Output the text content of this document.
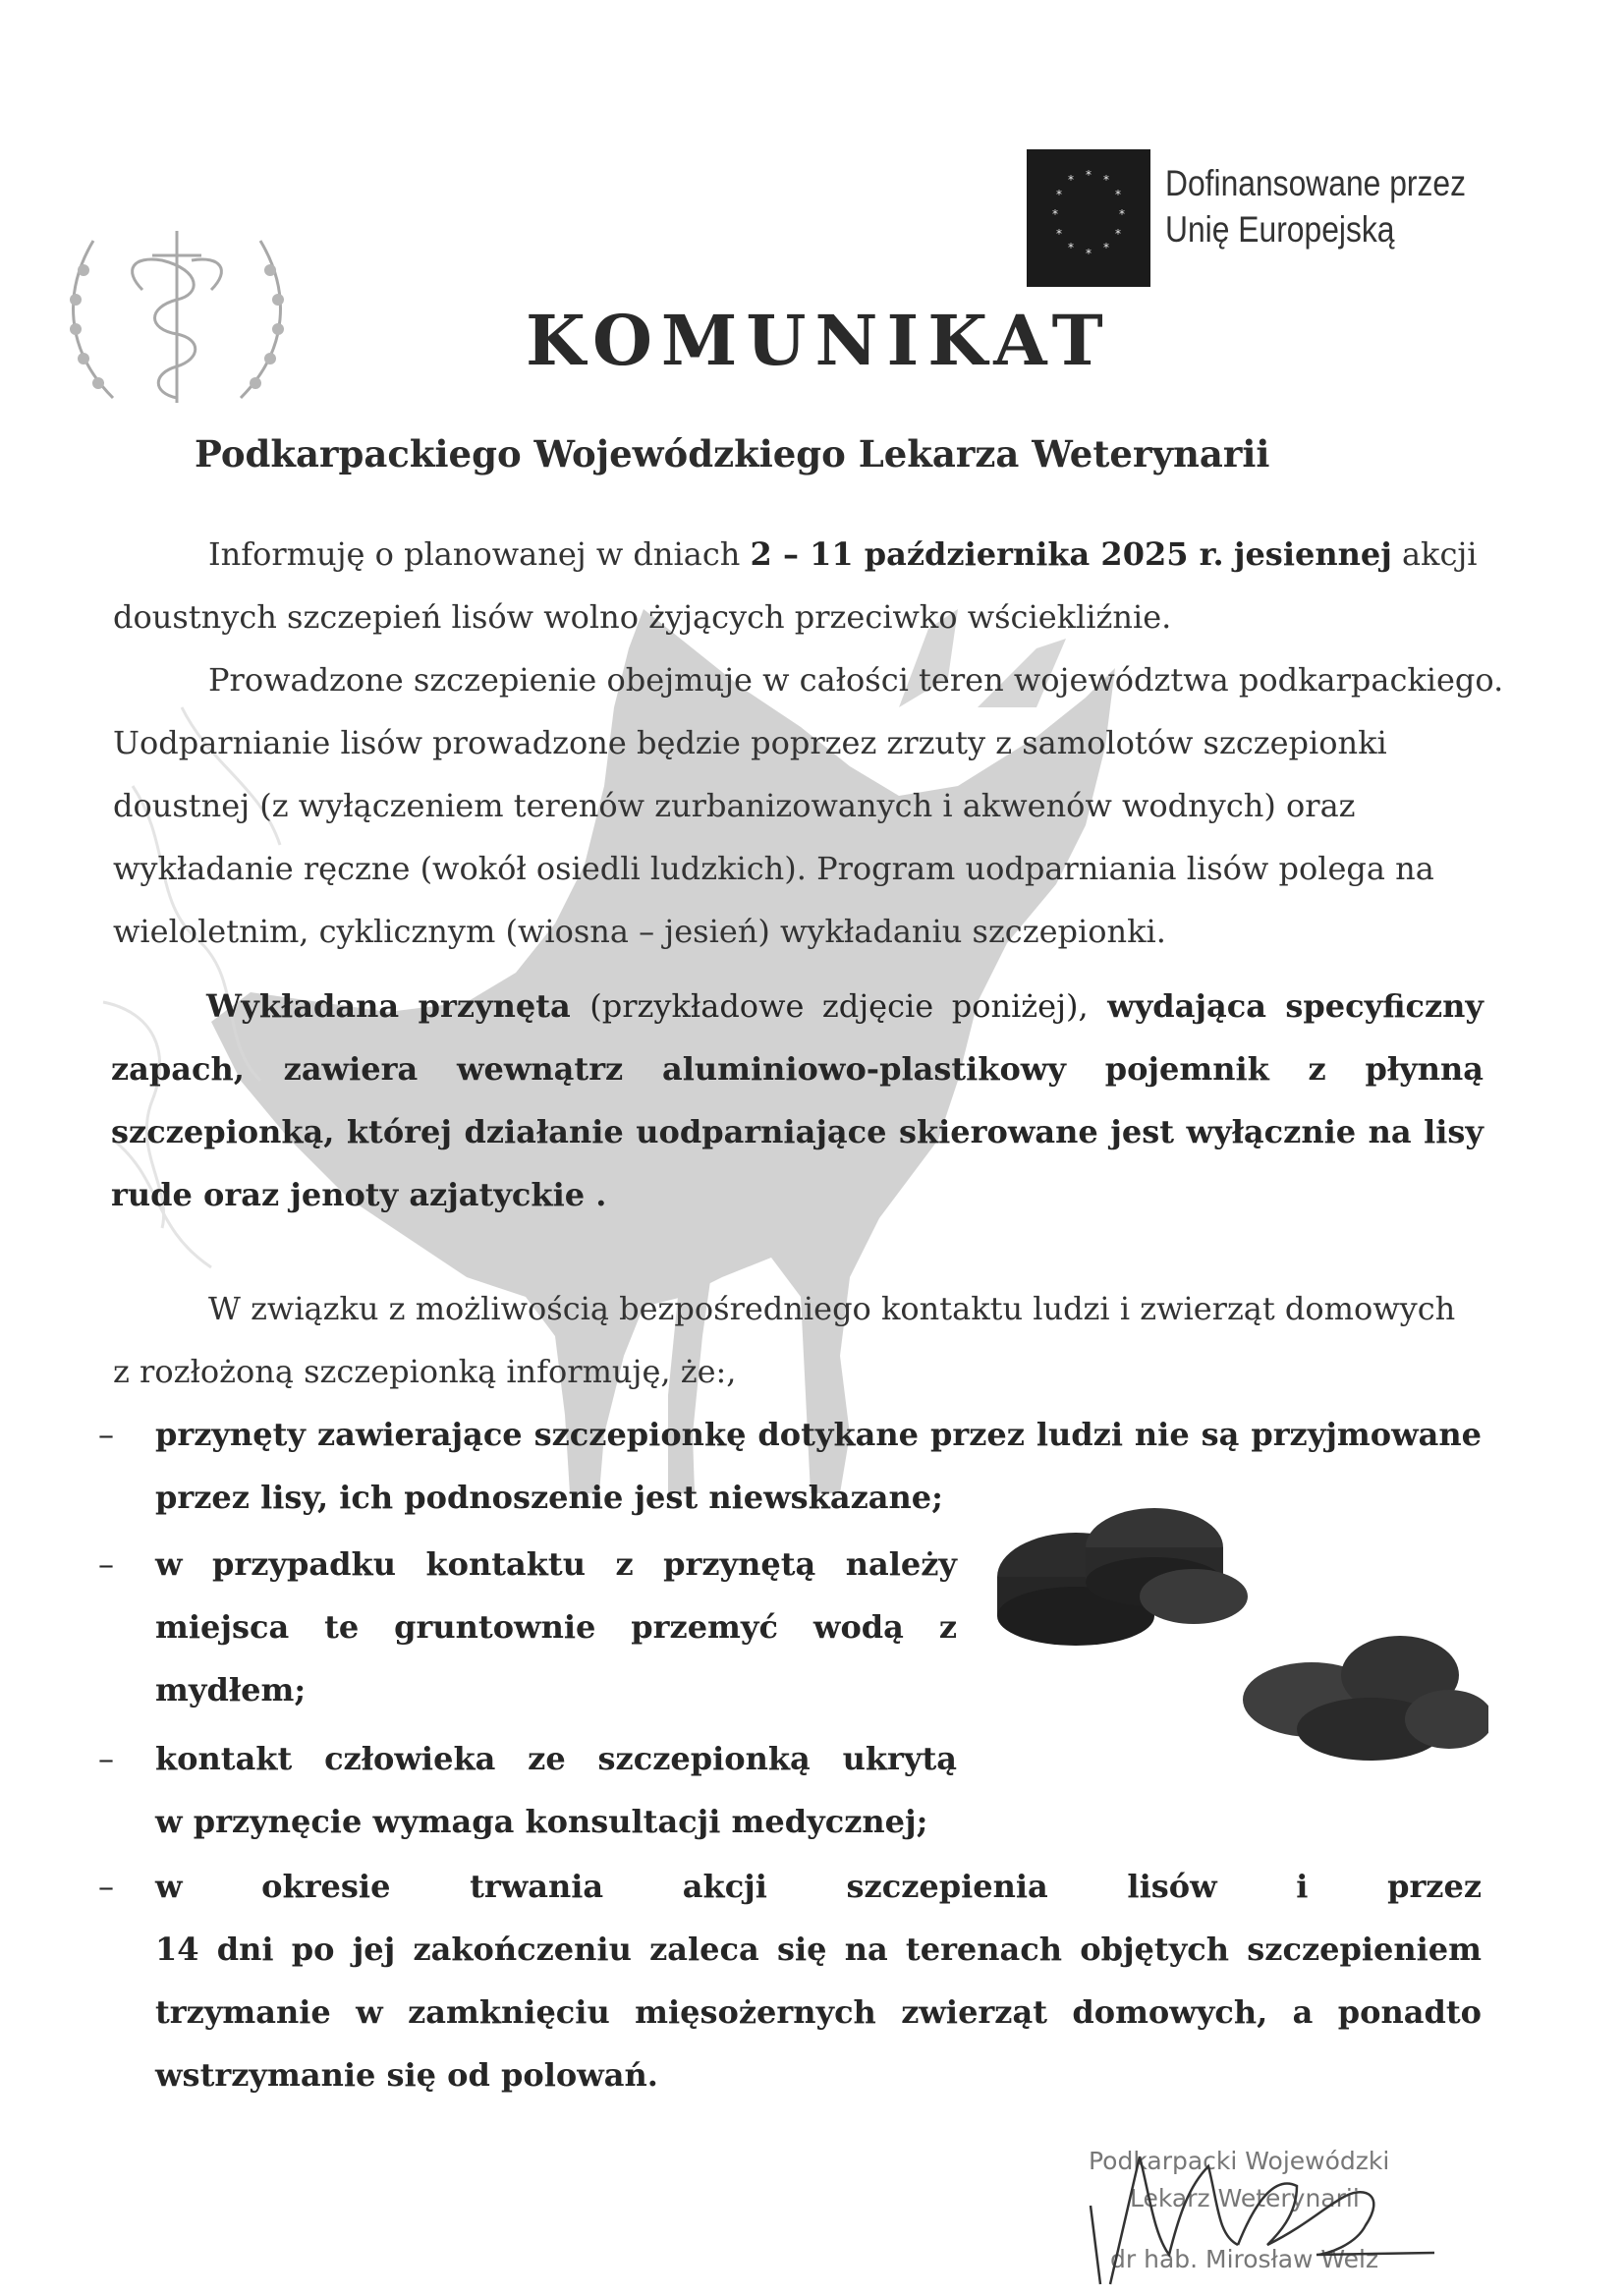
* *
*
*
*
*
*
*
*
*
*
*	Dofinansowane przez
Unię Europejską
KOMUNIKAT
Podkarpackiego Wojewódzkiego Lekarza Weterynarii
Informuję o planowanej w dniach 2 – 11 października 2025 r. jesiennej akcji
doustnych szczepień lisów wolno żyjących przeciwko wściekliźnie.
Prowadzone szczepienie obejmuje w całości teren województwa podkarpackiego.
Uodparnianie lisów prowadzone będzie poprzez zrzuty z samolotów szczepionki
doustnej (z wyłączeniem terenów zurbanizowanych i akwenów wodnych) oraz
wykładanie ręczne (wokół osiedli ludzkich). Program uodparniania lisów polega na
wieloletnim, cyklicznym (wiosna – jesień) wykładaniu szczepionki.
Wykładana przynęta (przykładowe zdjęcie poniżej), wydająca specyficzny
zapach, zawiera wewnątrz aluminiowo-plastikowy pojemnik z płynną
szczepionką, której działanie uodparniające skierowane jest wyłącznie na lisy
rude oraz jenoty azjatyckie .
W związku z możliwością bezpośredniego kontaktu ludzi i zwierząt domowych
z rozłożoną szczepionką informuję, że:,
– przynęty zawierające szczepionkę dotykane przez ludzi nie są przyjmowane
przez lisy, ich podnoszenie jest niewskazane;
– w przypadku kontaktu z przynętą należy
miejsca te gruntownie przemyć wodą z
mydłem;
– kontakt człowieka ze szczepionką ukrytą
w przynęcie wymaga konsultacji medycznej;
– w okresie trwania akcji szczepienia lisów i przez
14 dni po jej zakończeniu zaleca się na terenach objętych szczepieniem
trzymanie w zamknięciu mięsożernych zwierząt domowych, a ponadto
wstrzymanie się od polowań.
Podkarpacki Wojewódzki
Lekarz Weterynarii
dr hab. Mirosław Welz
